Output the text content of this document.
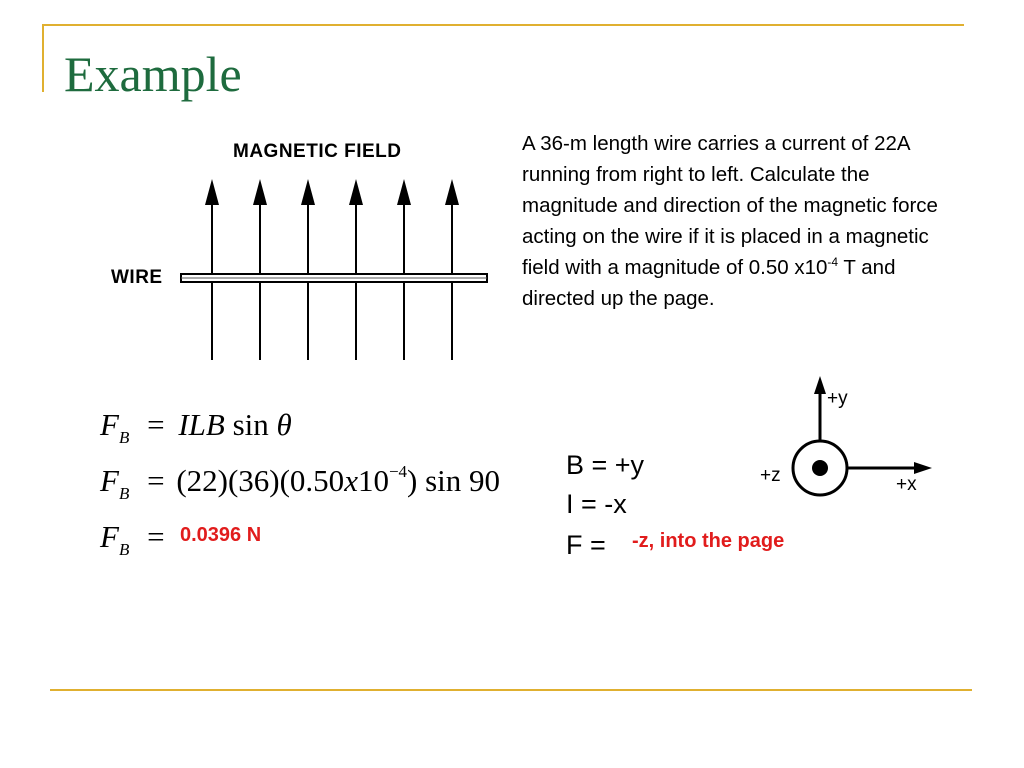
Example
MAGNETIC FIELD
WIRE
A 36-m length wire carries a current of 22A running from right to left. Calculate the magnitude and direction of the magnetic force acting on the wire if it is placed in a magnetic field with a magnitude of 0.50 $x10^{-4}$ T and directed up the page.
$F_B$ = ILB sin θ
$F_B = (22)(36)(0.50x10^{-4})$ sin 90
$F_B = 0.0396$ N
B = +y
I = -x
F = -z, into the page
+y
+z	+x
